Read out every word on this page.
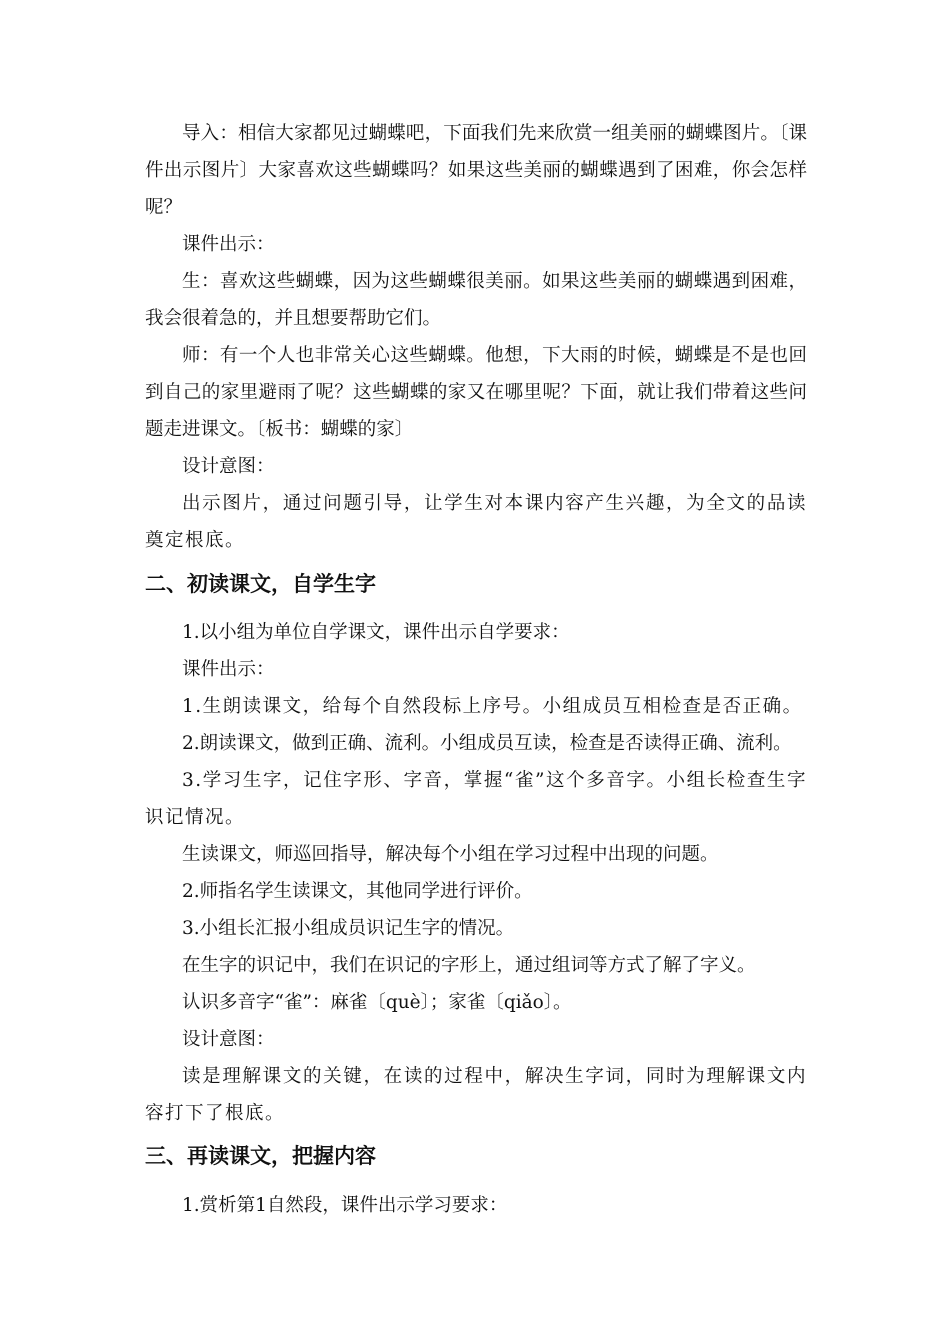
导入：相信大家都见过蝴蝶吧，下面我们先来欣赏一组美丽的蝴蝶图片。〔课件出示图片〕大家喜欢这些蝴蝶吗？如果这些美丽的蝴蝶遇到了困难，你会怎样呢？

课件出示：

生：喜欢这些蝴蝶，因为这些蝴蝶很美丽。如果这些美丽的蝴蝶遇到困难，我会很着急的，并且想要帮助它们。

师：有一个人也非常关心这些蝴蝶。他想，下大雨的时候，蝴蝶是不是也回到自己的家里避雨了呢？这些蝴蝶的家又在哪里呢？下面，就让我们带着这些问题走进课文。〔板书：蝴蝶的家〕

设计意图：

出示图片，通过问题引导，让学生对本课内容产生兴趣，为全文的品读奠定根底。

二、初读课文，自学生字

1.以小组为单位自学课文，课件出示自学要求：

课件出示：

1.生朗读课文，给每个自然段标上序号。小组成员互相检查是否正确。

2.朗读课文，做到正确、流利。小组成员互读，检查是否读得正确、流利。

3.学习生字，记住字形、字音，掌握“雀”这个多音字。小组长检查生字识记情况。

生读课文，师巡回指导，解决每个小组在学习过程中出现的问题。

2.师指名学生读课文，其他同学进行评价。

3.小组长汇报小组成员识记生字的情况。

在生字的识记中，我们在识记的字形上，通过组词等方式了解了字义。

认识多音字“雀”：麻雀〔què〕；家雀〔qiǎo〕。

设计意图：

读是理解课文的关键，在读的过程中，解决生字词，同时为理解课文内容打下了根底。

三、再读课文，把握内容

1.赏析第1自然段，课件出示学习要求：
